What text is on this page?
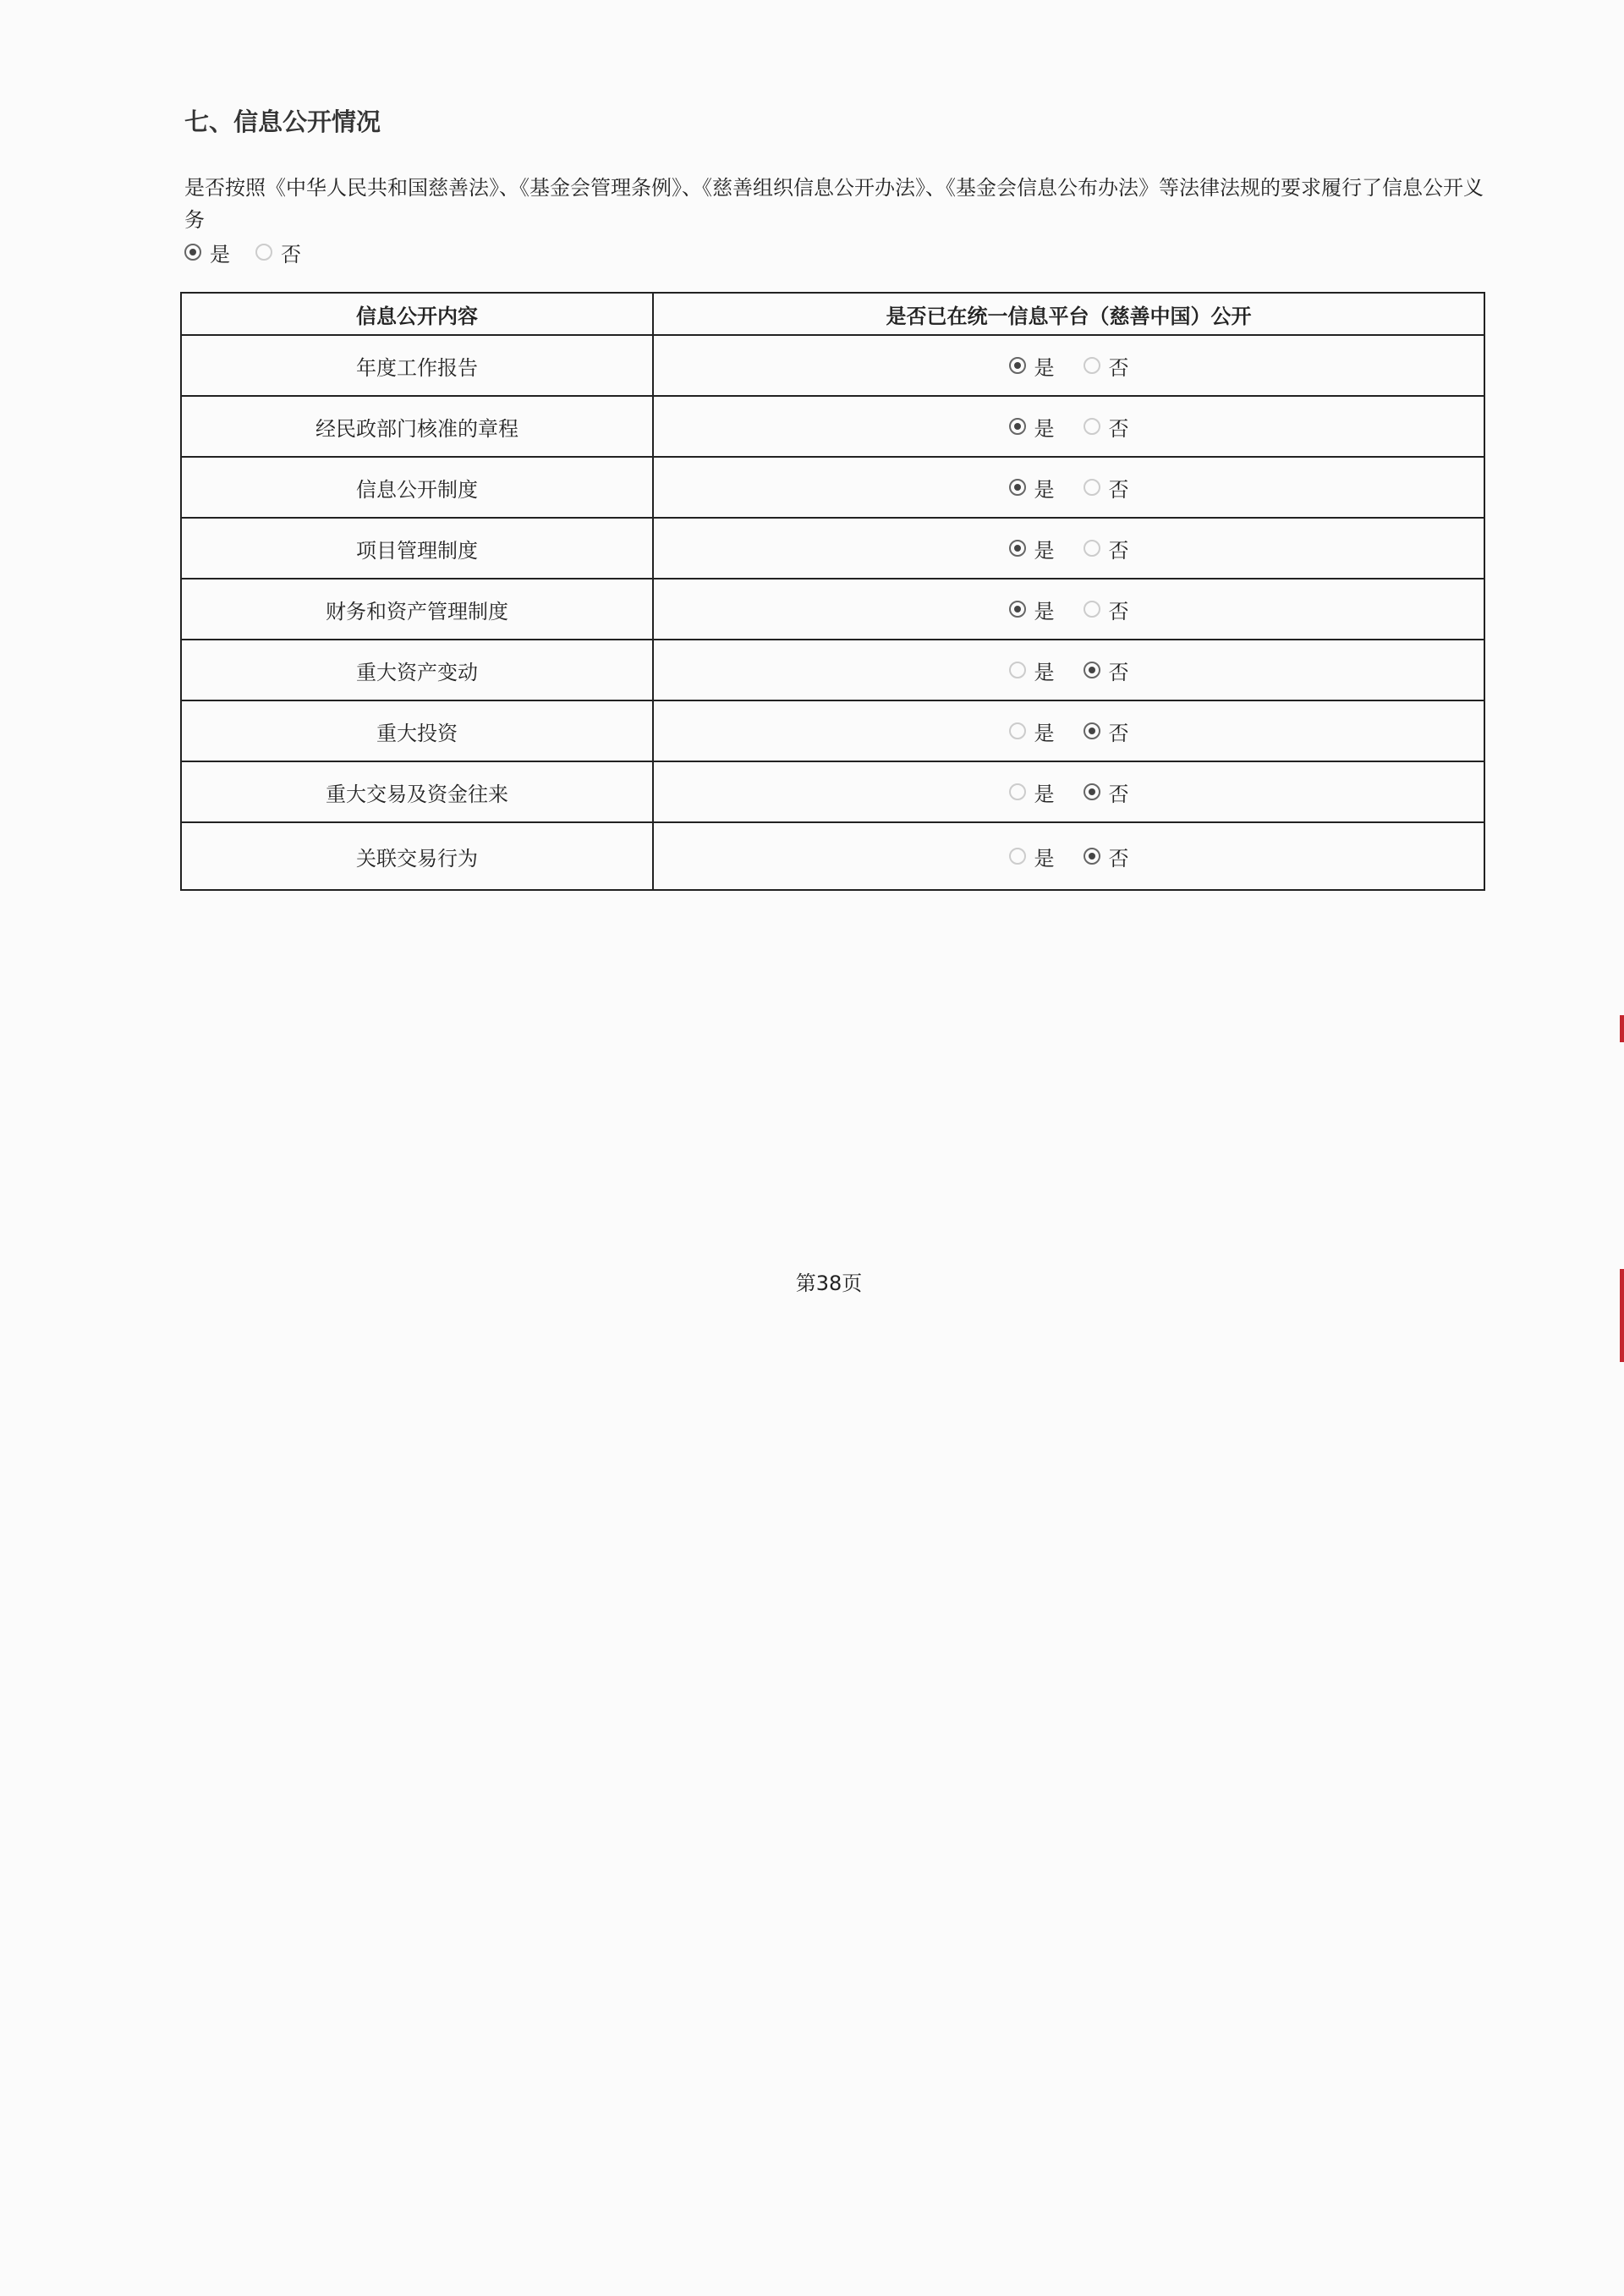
七、信息公开情况
是否按照《中华人民共和国慈善法》、《基金会管理条例》、《慈善组织信息公开办法》、《基金会信息公布办法》等法律法规的要求履行了信息公开义务
是	否
信息公开内容	是否已在统一信息平台（慈善中国）公开
年度工作报告	是	否
经民政部门核准的章程	是	否
信息公开制度	是	否
项目管理制度	是	否
财务和资产管理制度	是	否
重大资产变动	是	否
重大投资	是	否
重大交易及资金往来	是	否
关联交易行为	是	否
第38页
